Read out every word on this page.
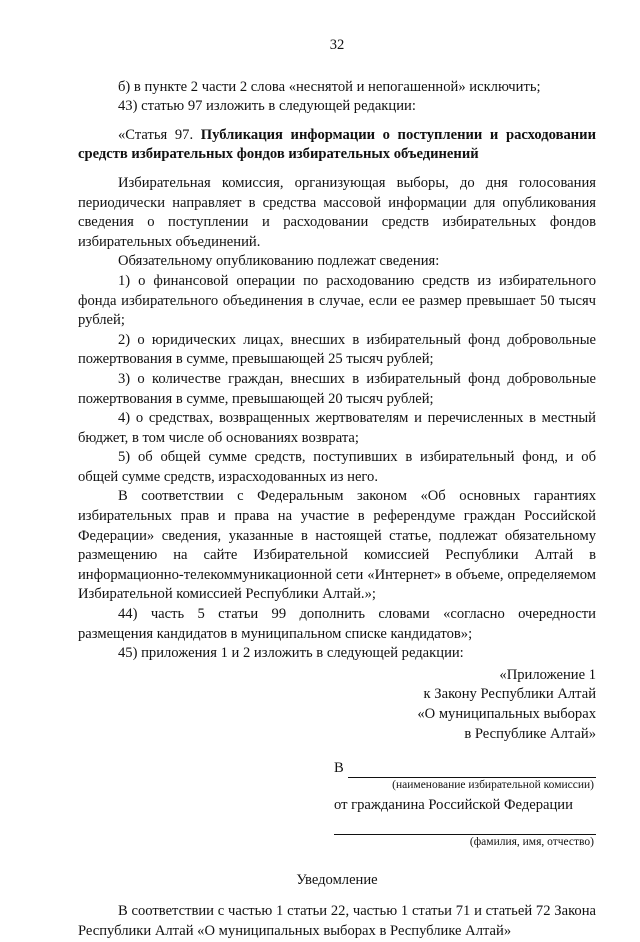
32

б) в пункте 2 части 2 слова «неснятой и непогашенной» исключить;

43) статью 97 изложить в следующей редакции:

«Статья 97. Публикация информации о поступлении и расходовании средств избирательных фондов избирательных объединений

Избирательная комиссия, организующая выборы, до дня голосования периодически направляет в средства массовой информации для опубликования сведения о поступлении и расходовании средств избирательных фондов избирательных объединений.

Обязательному опубликованию подлежат сведения:

1) о финансовой операции по расходованию средств из избирательного фонда избирательного объединения в случае, если ее размер превышает 50 тысяч рублей;

2) о юридических лицах, внесших в избирательный фонд добровольные пожертвования в сумме, превышающей 25 тысяч рублей;

3) о количестве граждан, внесших в избирательный фонд добровольные пожертвования в сумме, превышающей 20 тысяч рублей;

4) о средствах, возвращенных жертвователям и перечисленных в местный бюджет, в том числе об основаниях возврата;

5) об общей сумме средств, поступивших в избирательный фонд, и об общей сумме средств, израсходованных из него.

В соответствии с Федеральным законом «Об основных гарантиях избирательных прав и права на участие в референдуме граждан Российской Федерации» сведения, указанные в настоящей статье, подлежат обязательному размещению на сайте Избирательной комиссией Республики Алтай в информационно-телекоммуникационной сети «Интернет» в объеме, определяемом Избирательной комиссией Республики Алтай.»;

44) часть 5 статьи 99 дополнить словами «согласно очередности размещения кандидатов в муниципальном списке кандидатов»;

45) приложения 1 и 2 изложить в следующей редакции:

«Приложение 1
к Закону Республики Алтай
«О муниципальных выборах
в Республике Алтай»
В
(наименование избирательной комиссии)
от гражданина Российской Федерации
(фамилия, имя, отчество)

Уведомление

В соответствии с частью 1 статьи 22, частью 1 статьи 71 и статьей 72 Закона Республики Алтай «О муниципальных выборах в Республике Алтай»
